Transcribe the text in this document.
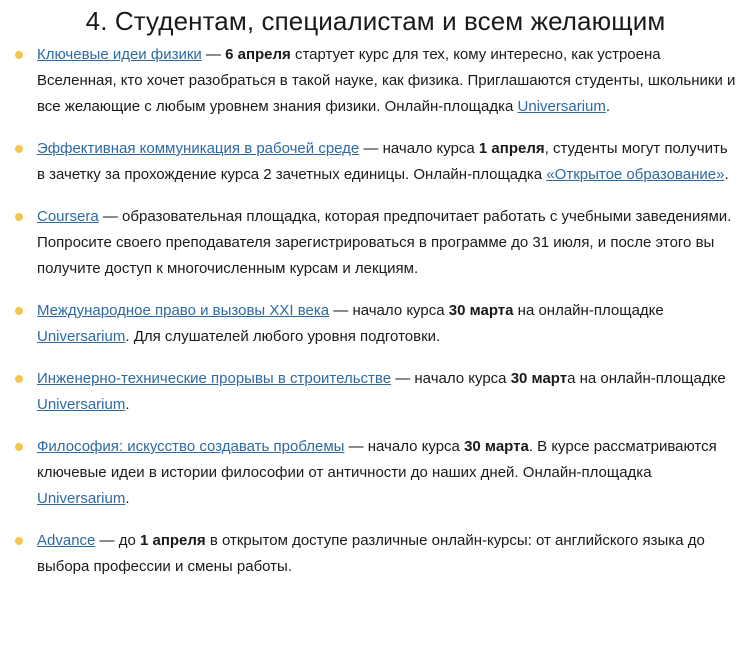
4. Студентам, специалистам и всем желающим
Ключевые идеи физики — 6 апреля стартует курс для тех, кому интересно, как устроена Вселенная, кто хочет разобраться в такой науке, как физика. Приглашаются студенты, школьники и все желающие с любым уровнем знания физики. Онлайн-площадка Universarium.
Эффективная коммуникация в рабочей среде — начало курса 1 апреля, студенты могут получить в зачетку за прохождение курса 2 зачетных единицы. Онлайн-площадка «Открытое образование».
Coursera — образовательная площадка, которая предпочитает работать с учебными заведениями. Попросите своего преподавателя зарегистрироваться в программе до 31 июля, и после этого вы получите доступ к многочисленным курсам и лекциям.
Международное право и вызовы XXI века — начало курса 30 марта на онлайн-площадке Universarium. Для слушателей любого уровня подготовки.
Инженерно-технические прорывы в строительстве — начало курса 30 марта на онлайн-площадке Universarium.
Философия: искусство создавать проблемы — начало курса 30 марта. В курсе рассматриваются ключевые идеи в истории философии от античности до наших дней. Онлайн-площадка Universarium.
Advance — до 1 апреля в открытом доступе различные онлайн-курсы: от английского языка до выбора профессии и смены работы.
